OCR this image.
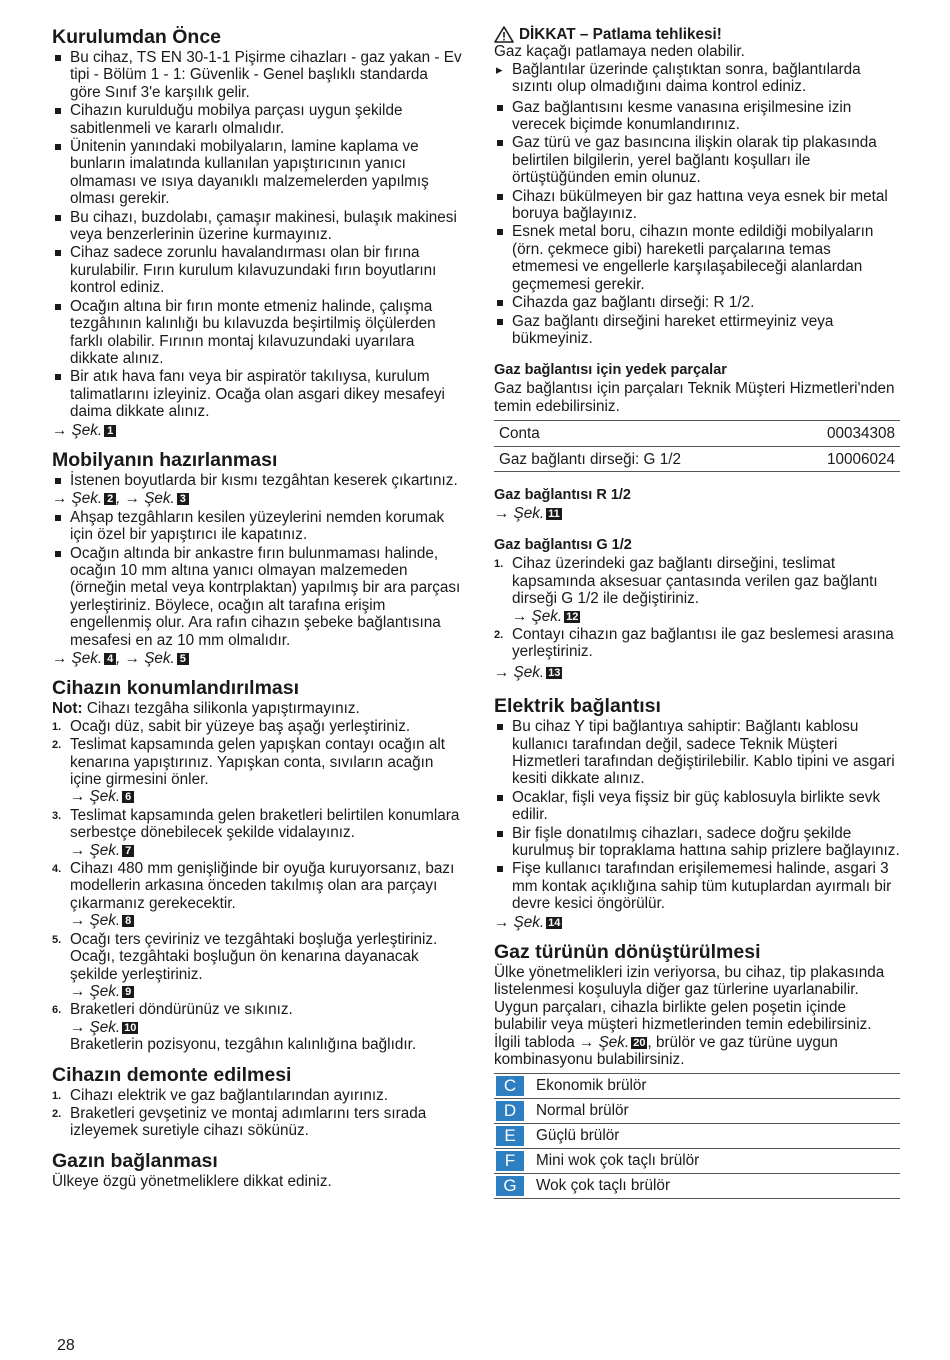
Kurulumdan Önce
Bu cihaz, TS EN 30-1-1 Pişirme cihazları - gaz yakan - Ev tipi - Bölüm 1 - 1: Güvenlik - Genel başlıklı standarda göre Sınıf 3'e karşılık gelir.
Cihazın kurulduğu mobilya parçası uygun şekilde sabitlenmeli ve kararlı olmalıdır.
Ünitenin yanındaki mobilyaların, lamine kaplama ve bunların imalatında kullanılan yapıştırıcının yanıcı olmaması ve ısıya dayanıklı malzemelerden yapılmış olması gerekir.
Bu cihazı, buzdolabı, çamaşır makinesi, bulaşık makinesi veya benzerlerinin üzerine kurmayınız.
Cihaz sadece zorunlu havalandırması olan bir fırına kurulabilir. Fırın kurulum kılavuzundaki fırın boyutlarını kontrol ediniz.
Ocağın altına bir fırın monte etmeniz halinde, çalışma tezgâhının kalınlığı bu kılavuzda beşirtilmiş ölçülerden farklı olabilir. Fırının montaj kılavuzundaki uyarılara dikkate alınız.
Bir atık hava fanı veya bir aspiratör takılıysa, kurulum talimatlarını izleyiniz. Ocağa olan asgari dikey mesafeyi daima dikkate alınız.
→ Şek. 1
Mobilyanın hazırlanması
İstenen boyutlarda bir kısmı tezgâhtan keserek çıkartınız.
→ Şek. 2 , → Şek. 3
Ahşap tezgâhların kesilen yüzeylerini nemden korumak için özel bir yapıştırıcı ile kapatınız.
Ocağın altında bir ankastre fırın bulunmaması halinde, ocağın 10 mm altına yanıcı olmayan malzemeden (örneğin metal veya kontrplaktan) yapılmış bir ara parçası yerleştiriniz. Böylece, ocağın alt tarafına erişim engellenmiş olur. Ara rafın cihazın şebeke bağlantısına mesafesi en az 10 mm olmalıdır.
→ Şek. 4 , → Şek. 5
Cihazın konumlandırılması

Not: Cihazı tezgâha silikonla yapıştırmayınız.

1. Ocağı düz, sabit bir yüzeye baş aşağı yerleştiriniz.
2. Teslimat kapsamında gelen yapışkan contayı ocağın alt kenarına yapıştırınız. Yapışkan conta, sıvıların acağın içine girmesini önler.
→ Şek. 6
3. Teslimat kapsamında gelen braketleri belirtilen konumlara serbestçe dönebilecek şekilde vidalayınız.
→ Şek. 7
4. Cihazı 480 mm genişliğinde bir oyuğa kuruyorsanız, bazı modellerin arkasına önceden takılmış olan ara parçayı çıkarmanız gerekecektir.
→ Şek. 8
5. Ocağı ters çeviriniz ve tezgâhtaki boşluğa yerleştiriniz. Ocağı, tezgâhtaki boşluğun ön kenarına dayanacak şekilde yerleştiriniz.
→ Şek. 9
6. Braketleri döndürünüz ve sıkınız.
→ Şek. 10
Braketlerin pozisyonu, tezgâhın kalınlığına bağlıdır.
Cihazın demonte edilmesi
1. Cihazı elektrik ve gaz bağlantılarından ayırınız.
2. Braketleri gevşetiniz ve montaj adımlarını ters sırada izleyemek suretiyle cihazı sökünüz.
Gazın bağlanması

Ülkeye özgü yönetmeliklere dikkat ediniz.

DİKKAT – Patlama tehlikesi!

Gaz kaçağı patlamaya neden olabilir.

▸ Bağlantılar üzerinde çalıştıktan sonra, bağlantılarda sızıntı olup olmadığını daima kontrol ediniz.
Gaz bağlantısını kesme vanasına erişilmesine izin verecek biçimde konumlandırınız.
Gaz türü ve gaz basıncına ilişkin olarak tip plakasında belirtilen bilgilerin, yerel bağlantı koşulları ile örtüştüğünden emin olunuz.
Cihazı bükülmeyen bir gaz hattına veya esnek bir metal boruya bağlayınız.
Esnek metal boru, cihazın monte edildiği mobilyaların (örn. çekmece gibi) hareketli parçalarına temas etmemesi ve engellerle karşılaşabileceği alanlardan geçmemesi gerekir.
Cihazda gaz bağlantı dirseği: R 1/2.
Gaz bağlantı dirseğini hareket ettirmeyiniz veya bükmeyiniz.
Gaz bağlantısı için yedek parçalar

Gaz bağlantısı için parçaları Teknik Müşteri Hizmetleri'nden temin edebilirsiniz.

Conta	00034308
Gaz bağlantı dirseği: G 1/2	10006024
Gaz bağlantısı R 1/2
→ Şek. 11
Gaz bağlantısı G 1/2
1. Cihaz üzerindeki gaz bağlantı dirseğini, teslimat kapsamında aksesuar çantasında verilen gaz bağlantı dirseği G 1/2 ile değiştiriniz.
→ Şek. 12
2. Contayı cihazın gaz bağlantısı ile gaz beslemesi arasına yerleştiriniz.
→ Şek. 13
Elektrik bağlantısı
Bu cihaz Y tipi bağlantıya sahiptir: Bağlantı kablosu kullanıcı tarafından değil, sadece Teknik Müşteri Hizmetleri tarafından değiştirilebilir. Kablo tipini ve asgari kesiti dikkate alınız.
Ocaklar, fişli veya fişsiz bir güç kablosuyla birlikte sevk edilir.
Bir fişle donatılmış cihazları, sadece doğru şekilde kurulmuş bir topraklama hattına sahip prizlere bağlayınız.
Fişe kullanıcı tarafından erişilememesi halinde, asgari 3 mm kontak açıklığına sahip tüm kutuplardan ayırmalı bir devre kesici öngörülür.
→ Şek. 14
Gaz türünün dönüştürülmesi

Ülke yönetmelikleri izin veriyorsa, bu cihaz, tip plakasında listelenmesi koşuluyla diğer gaz türlerine uyarlanabilir.

Uygun parçaları, cihazla birlikte gelen poşetin içinde bulabilir veya müşteri hizmetlerinden temin edebilirsiniz. İlgili tabloda → Şek. 20 , brülör ve gaz türüne uygun kombinasyonu bulabilirsiniz.

C	Ekonomik brülör
D	Normal brülör
E	Güçlü brülör
F	Mini wok çok taçlı brülör
G	Wok çok taçlı brülör
28
